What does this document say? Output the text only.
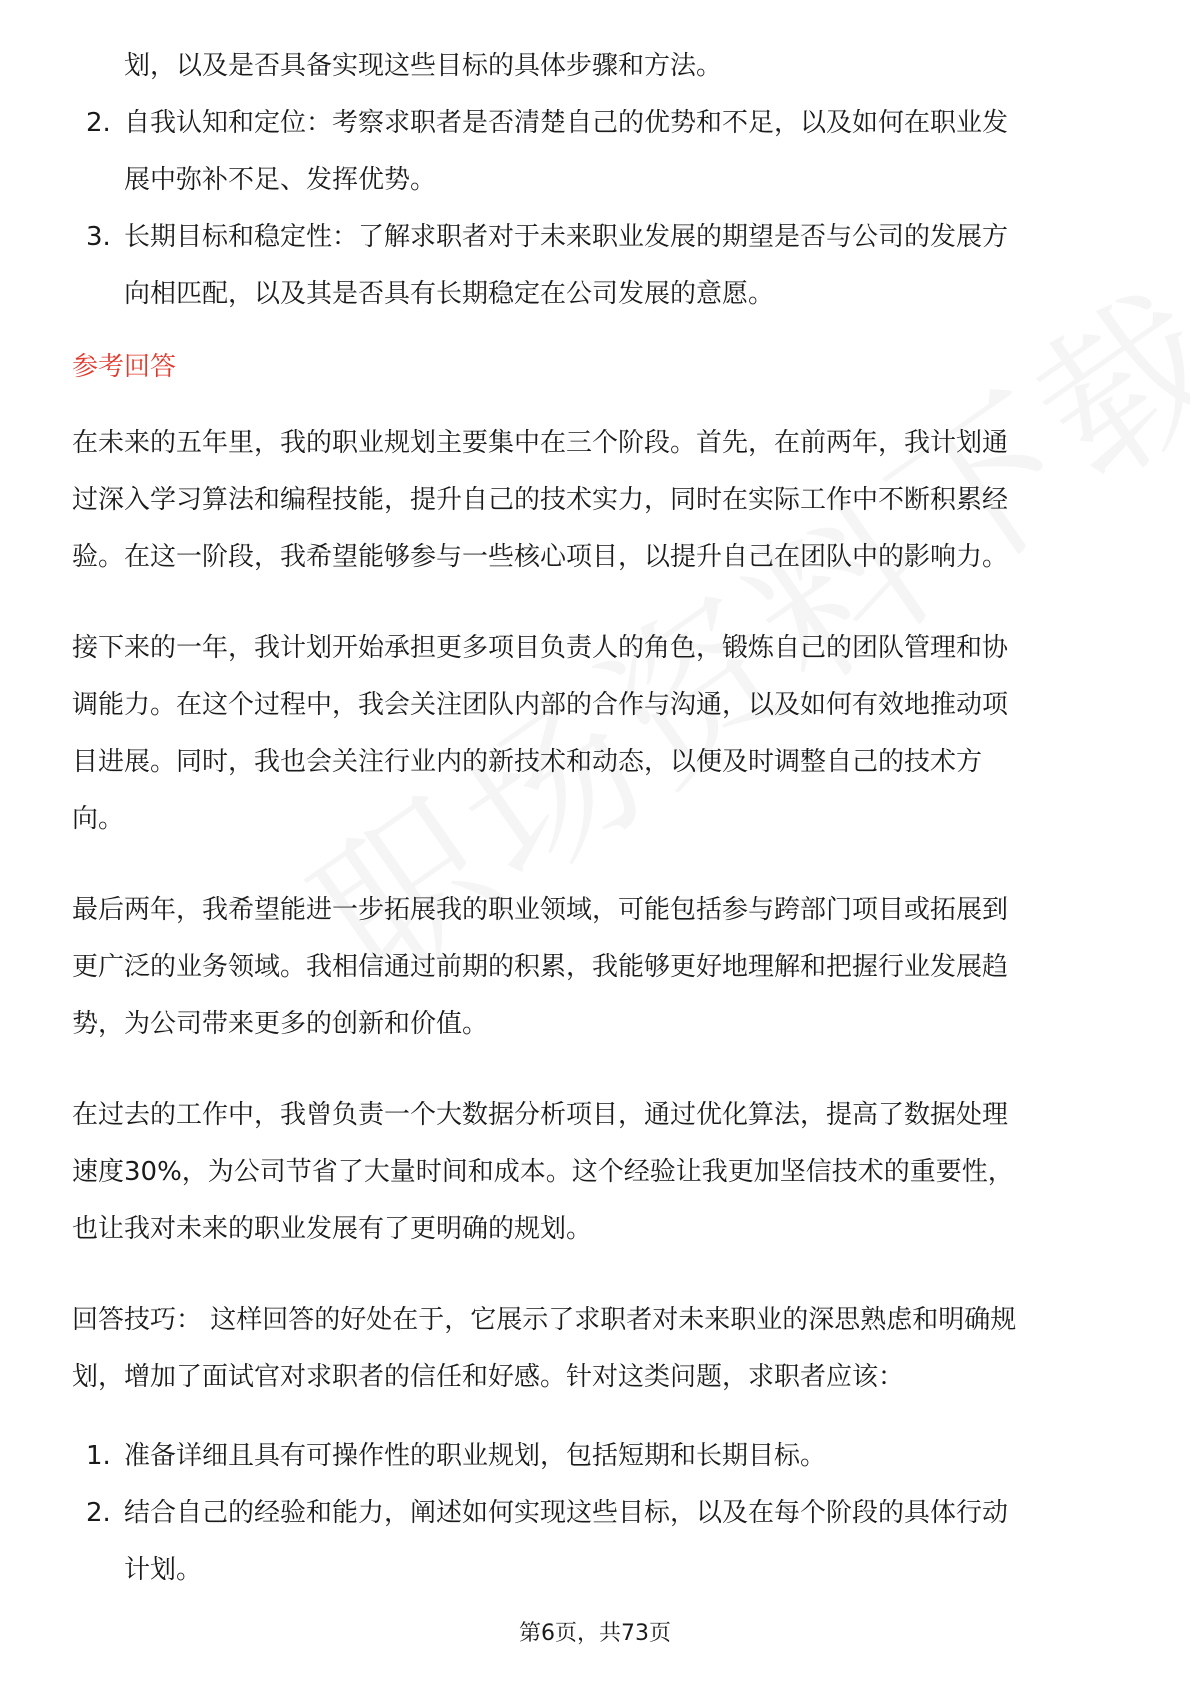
划，以及是否具备实现这些目标的具体步骤和方法。

2. 自我认知和定位：考察求职者是否清楚自己的优势和不足，以及如何在职业发
展中弥补不足、发挥优势。
3. 长期目标和稳定性：了解求职者对于未来职业发展的期望是否与公司的发展方
向相匹配，以及其是否具有长期稳定在公司发展的意愿。
参考回答
在未来的五年里，我的职业规划主要集中在三个阶段。首先，在前两年，我计划通
过深入学习算法和编程技能，提升自己的技术实力，同时在实际工作中不断积累经
验。在这一阶段，我希望能够参与一些核心项目，以提升自己在团队中的影响力。
接下来的一年，我计划开始承担更多项目负责人的角色，锻炼自己的团队管理和协
调能力。在这个过程中，我会关注团队内部的合作与沟通，以及如何有效地推动项
目进展。同时，我也会关注行业内的新技术和动态，以便及时调整自己的技术方
向。
最后两年，我希望能进一步拓展我的职业领域，可能包括参与跨部门项目或拓展到
更广泛的业务领域。我相信通过前期的积累，我能够更好地理解和把握行业发展趋
势，为公司带来更多的创新和价值。
在过去的工作中，我曾负责一个大数据分析项目，通过优化算法，提高了数据处理
速度30%，为公司节省了大量时间和成本。这个经验让我更加坚信技术的重要性，
也让我对未来的职业发展有了更明确的规划。
回答技巧： 这样回答的好处在于，它展示了求职者对未来职业的深思熟虑和明确规
划，增加了面试官对求职者的信任和好感。针对这类问题，求职者应该：
1. 准备详细且具有可操作性的职业规划，包括短期和长期目标。
2. 结合自己的经验和能力，阐述如何实现这些目标，以及在每个阶段的具体行动
计划。
第6页，共73页
